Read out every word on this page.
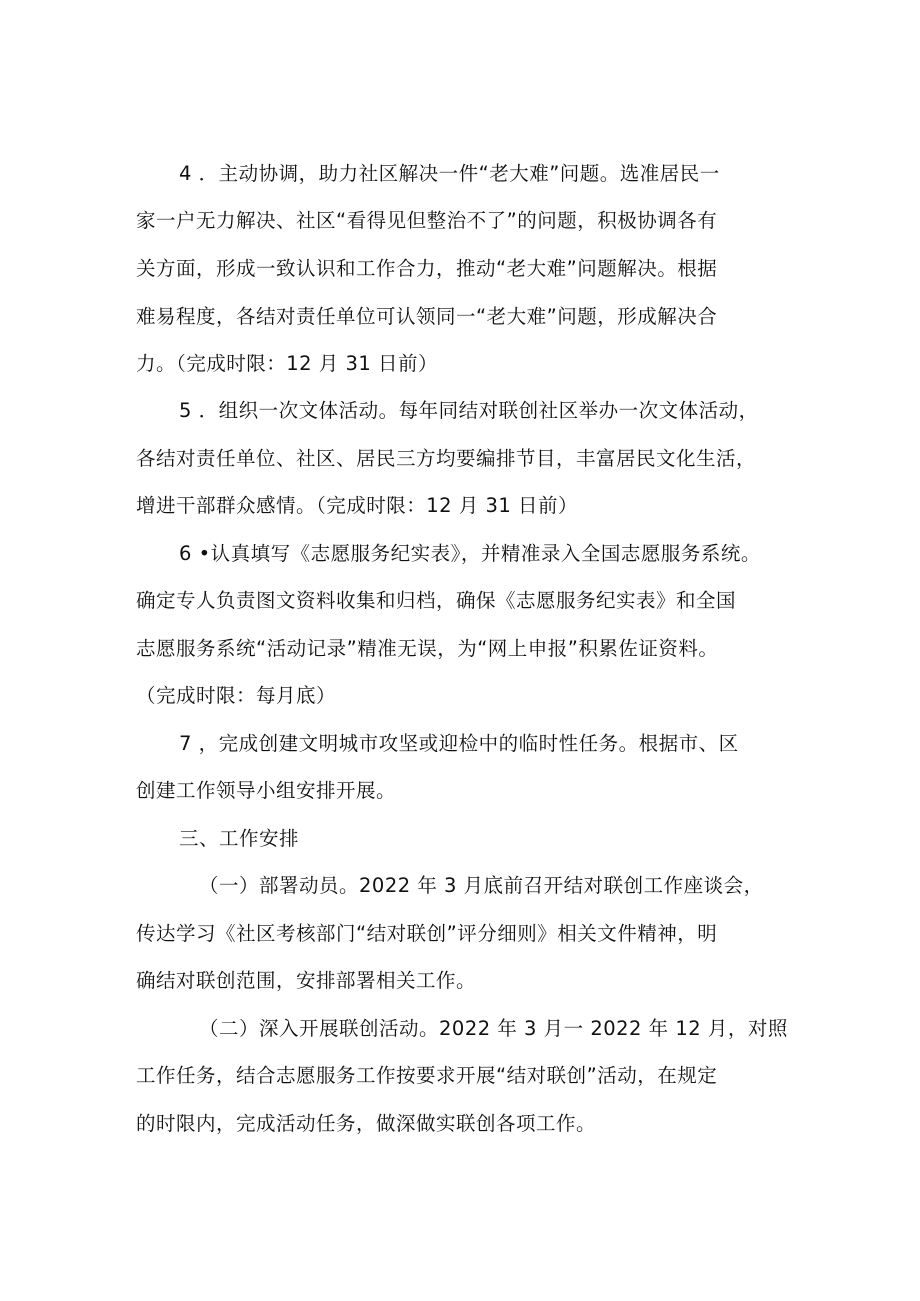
4 ．主动协调，助力社区解决一件“老大难”问题。选准居民一
家一户无力解决、社区“看得见但整治不了”的问题，积极协调各有
关方面，形成一致认识和工作合力，推动“老大难”问题解决。根据
难易程度，各结对责任单位可认领同一“老大难”问题，形成解决合
力。（完成时限：12 月 31 日前）
5 ．组织一次文体活动。每年同结对联创社区举办一次文体活动，
各结对责任单位、社区、居民三方均要编排节目，丰富居民文化生活，
增进干部群众感情。（完成时限：12 月 31 日前）
6 •认真填写《志愿服务纪实表》，并精准录入全国志愿服务系统。
确定专人负责图文资料收集和归档，确保《志愿服务纪实表》和全国
志愿服务系统“活动记录”精准无误，为“网上申报”积累佐证资料。
（完成时限：每月底）
7 ，完成创建文明城市攻坚或迎检中的临时性任务。根据市、区
创建工作领导小组安排开展。
三、工作安排
（一）部署动员。2022 年 3 月底前召开结对联创工作座谈会，
传达学习《社区考核部门“结对联创”评分细则》相关文件精神，明
确结对联创范围，安排部署相关工作。
（二）深入开展联创活动。2022 年 3 月一 2022 年 12 月，对照
工作任务，结合志愿服务工作按要求开展“结对联创”活动，在规定
的时限内，完成活动任务，做深做实联创各项工作。
